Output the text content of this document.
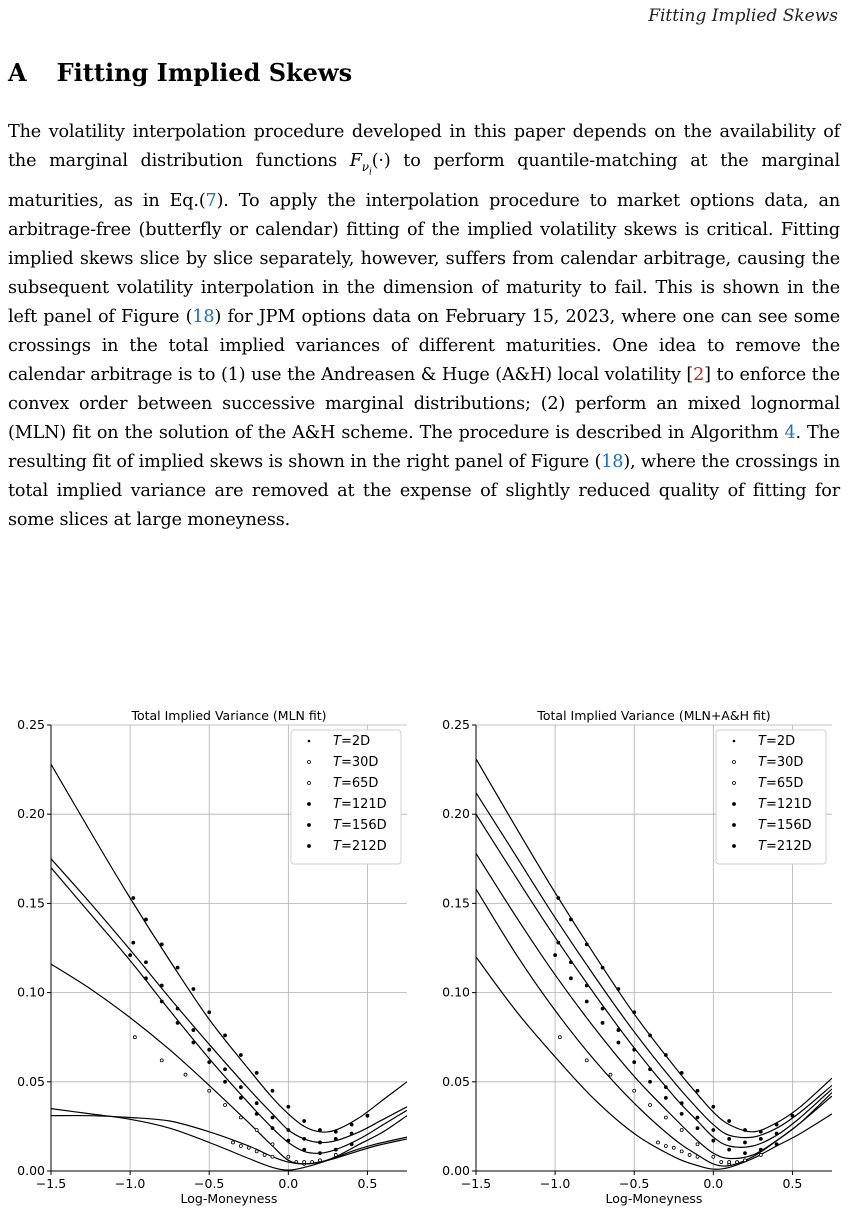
Fitting Implied Skews
A Fitting Implied Skews

The volatility interpolation procedure developed in this paper depends on the availability of the marginal distribution functions $F_{\nu_i}(\cdot)$ to perform quantile-matching at the marginal maturities, as in Eq.(7). To apply the interpolation procedure to market options data, an arbitrage-free (butterfly or calendar) fitting of the implied volatility skews is critical. Fitting implied skews slice by slice separately, however, suffers from calendar arbitrage, causing the subsequent volatility interpolation in the dimension of maturity to fail. This is shown in the left panel of Figure (18) for JPM options data on February 15, 2023, where one can see some crossings in the total implied variances of different maturities. One idea to remove the calendar arbitrage is to (1) use the Andreasen & Huge (A&H) local volatility [2] to enforce the convex order between successive marginal distributions; (2) perform an mixed lognormal (MLN) fit on the solution of the A&H scheme. The procedure is described in Algorithm 4. The resulting fit of implied skews is shown in the right panel of Figure (18), where the crossings in total implied variance are removed at the expense of slightly reduced quality of fitting for some slices at large moneyness.

Total Implied Variance (MLN fit)
−1.5	−1.0	−0.5	0.0	0.5
0.00
0.05
0.10
0.15
0.20
0.25
Log-Moneyness
T=2D
T=30D
T=65D
T=121D
T=156D
T=212D
Total Implied Variance (MLN+A&H fit)
−1.5	−1.0	−0.5	0.0	0.5
0.00
0.05
0.10
0.15
0.20
0.25
Log-Moneyness
T=2D
T=30D
T=65D
T=121D
T=156D
T=212D
